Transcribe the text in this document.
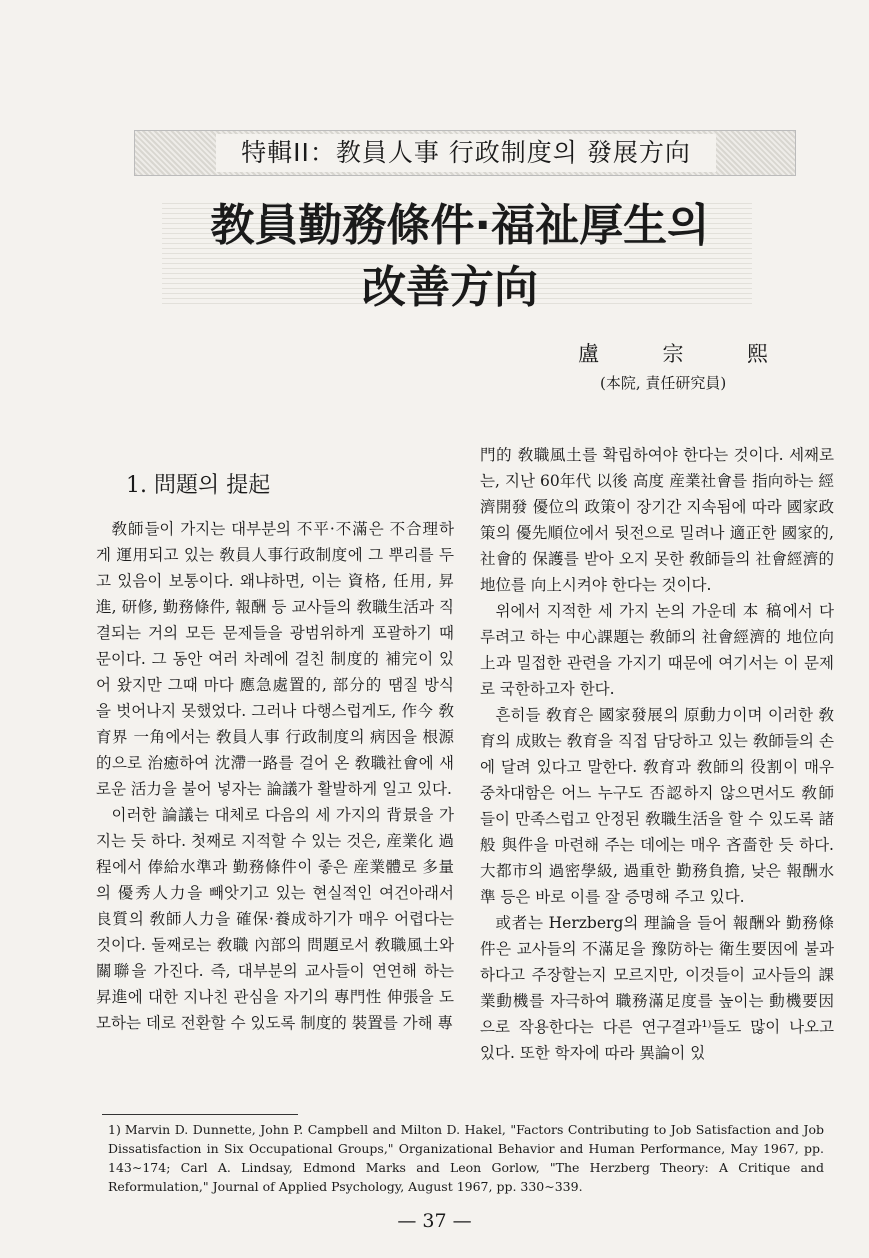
特輯II：教員人事 行政制度의 發展方向
教員勤務條件·福祉厚生의
改善方向
盧	宗	熙
(本院, 責任研究員)
1. 問題의 提起

敎師들이 가지는 대부분의 不平·不滿은 不合理하게 運用되고 있는 敎員人事行政制度에 그 뿌리를 두고 있음이 보통이다. 왜냐하면, 이는 資格, 任用, 昇進, 研修, 勤務條件, 報酬 등 교사들의 敎職生活과 직결되는 거의 모든 문제들을 광범위하게 포괄하기 때문이다. 그 동안 여러 차례에 걸친 制度的 補完이 있어 왔지만 그때 마다 應急處置的, 部分的 땜질 방식을 벗어나지 못했었다. 그러나 다행스럽게도, 作今 敎育界 一角에서는 敎員人事 行政制度의 病因을 根源的으로 治癒하여 沈滯一路를 걸어 온 敎職社會에 새로운 活力을 불어 넣자는 論議가 활발하게 일고 있다.

이러한 論議는 대체로 다음의 세 가지의 背景을 가지는 듯 하다. 첫째로 지적할 수 있는 것은, 産業化 過程에서 俸給水準과 勤務條件이 좋은 産業體로 多量의 優秀人力을 빼앗기고 있는 현실적인 여건아래서 良質의 敎師人力을 確保·養成하기가 매우 어렵다는 것이다. 둘째로는 敎職 內部의 問題로서 敎職風土와 關聯을 가진다. 즉, 대부분의 교사들이 연연해 하는 昇進에 대한 지나친 관심을 자기의 專門性 伸張을 도모하는 데로 전환할 수 있도록 制度的 裝置를 가해 專

門的 敎職風土를 확립하여야 한다는 것이다. 세째로는, 지난 60年代 以後 高度 産業社會를 指向하는 經濟開發 優位의 政策이 장기간 지속됨에 따라 國家政策의 優先順位에서 뒷전으로 밀려나 適正한 國家的, 社會的 保護를 받아 오지 못한 敎師들의 社會經濟的 地位를 向上시켜야 한다는 것이다.

위에서 지적한 세 가지 논의 가운데 本 稿에서 다루려고 하는 中心課題는 敎師의 社會經濟的 地位向上과 밀접한 관련을 가지기 때문에 여기서는 이 문제로 국한하고자 한다.

흔히들 敎育은 國家發展의 原動力이며 이러한 敎育의 成敗는 敎育을 직접 담당하고 있는 敎師들의 손에 달려 있다고 말한다. 敎育과 敎師의 役割이 매우 중차대함은 어느 누구도 否認하지 않으면서도 敎師들이 만족스럽고 안정된 敎職生活을 할 수 있도록 諸般 與件을 마련해 주는 데에는 매우 吝嗇한 듯 하다. 大都市의 過密學級, 過重한 勤務負擔, 낮은 報酬水準 등은 바로 이를 잘 증명해 주고 있다.

或者는 Herzberg의 理論을 들어 報酬와 勤務條件은 교사들의 不滿足을 豫防하는 衛生要因에 불과하다고 주장할는지 모르지만, 이것들이 교사들의 課業動機를 자극하여 職務滿足度를 높이는 動機要因으로 작용한다는 다른 연구결과¹⁾들도 많이 나오고 있다. 또한 학자에 따라 異論이 있

1) Marvin D. Dunnette, John P. Campbell and Milton D. Hakel, "Factors Contributing to Job Satisfaction and Job Dissatisfaction in Six Occupational Groups," Organizational Behavior and Human Performance, May 1967, pp. 143∼174; Carl A. Lindsay, Edmond Marks and Leon Gorlow, "The Herzberg Theory: A Critique and Reformulation," Journal of Applied Psychology, August 1967, pp. 330∼339.
— 37 —
